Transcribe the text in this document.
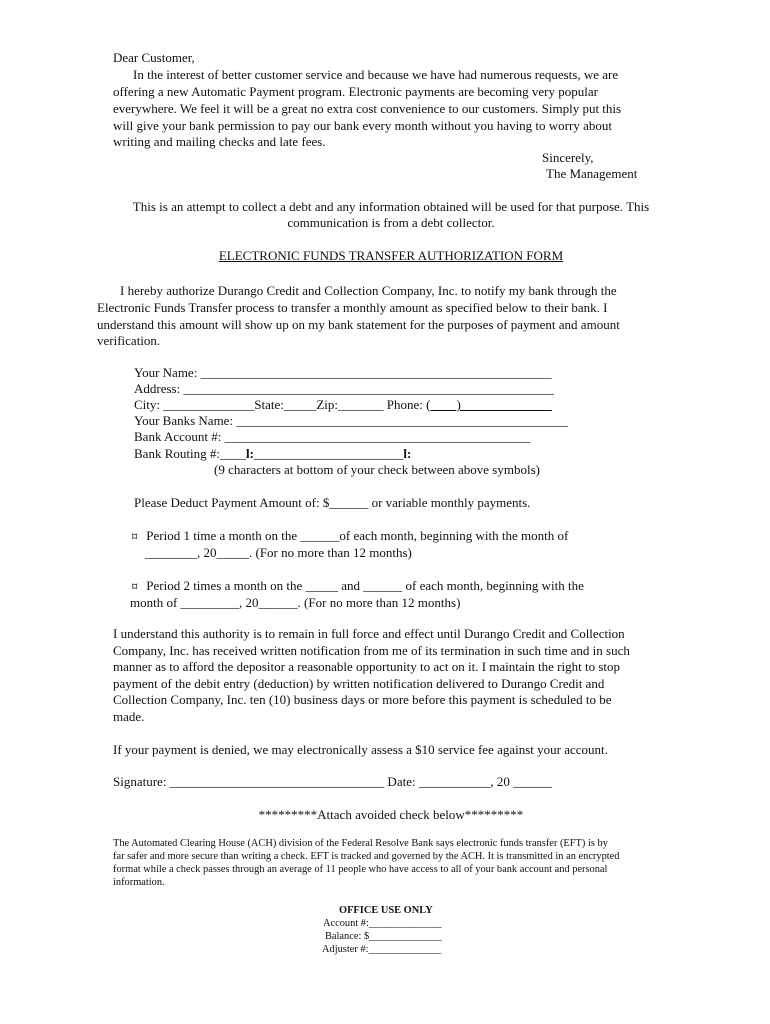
Dear Customer,
In the interest of better customer service and because we have had numerous requests, we are
offering a new Automatic Payment program. Electronic payments are becoming very popular
everywhere. We feel it will be a great no extra cost convenience to our customers. Simply put this
will give your bank permission to pay our bank every month without you having to worry about
writing and mailing checks and late fees.
Sincerely,
The Management
This is an attempt to collect a debt and any information obtained will be used for that purpose. This
communication is from a debt collector.
ELECTRONIC FUNDS TRANSFER AUTHORIZATION FORM
I hereby authorize Durango Credit and Collection Company, Inc. to notify my bank through the
Electronic Funds Transfer process to transfer a monthly amount as specified below to their bank. I
understand this amount will show up on my bank statement for the purposes of payment and amount
verification.
Your Name: ______________________________________________________
Address: _________________________________________________________
City: ______________State:_____Zip:_______ Phone: (____)______________
Your Banks Name: ___________________________________________________
Bank Account #: _______________________________________________
Bank Routing #:____l:_______________________l:
(9 characters at bottom of your check between above symbols)
Please Deduct Payment Amount of: $______ or variable monthly payments.
⌑ Period 1 time a month on the ______of each month, beginning with the month of
________, 20_____. (For no more than 12 months)
⌑ Period 2 times a month on the _____ and ______ of each month, beginning with the
month of _________, 20______. (For no more than 12 months)
I understand this authority is to remain in full force and effect until Durango Credit and Collection
Company, Inc. has received written notification from me of its termination in such time and in such
manner as to afford the depositor a reasonable opportunity to act on it. I maintain the right to stop
payment of the debit entry (deduction) by written notification delivered to Durango Credit and
Collection Company, Inc. ten (10) business days or more before this payment is scheduled to be
made.
If your payment is denied, we may electronically assess a $10 service fee against your account.
Signature: _________________________________ Date: ___________, 20 ______
*********Attach avoided check below*********
The Automated Clearing House (ACH) division of the Federal Resolve Bank says electronic funds transfer (EFT) is by
far safer and more secure than writing a check. EFT is tracked and governed by the ACH. It is transmitted in an encrypted
format while a check passes through an average of 11 people who have access to all of your bank account and personal
information.
OFFICE USE ONLY
Account #:______________
Balance: $______________
Adjuster #:______________
